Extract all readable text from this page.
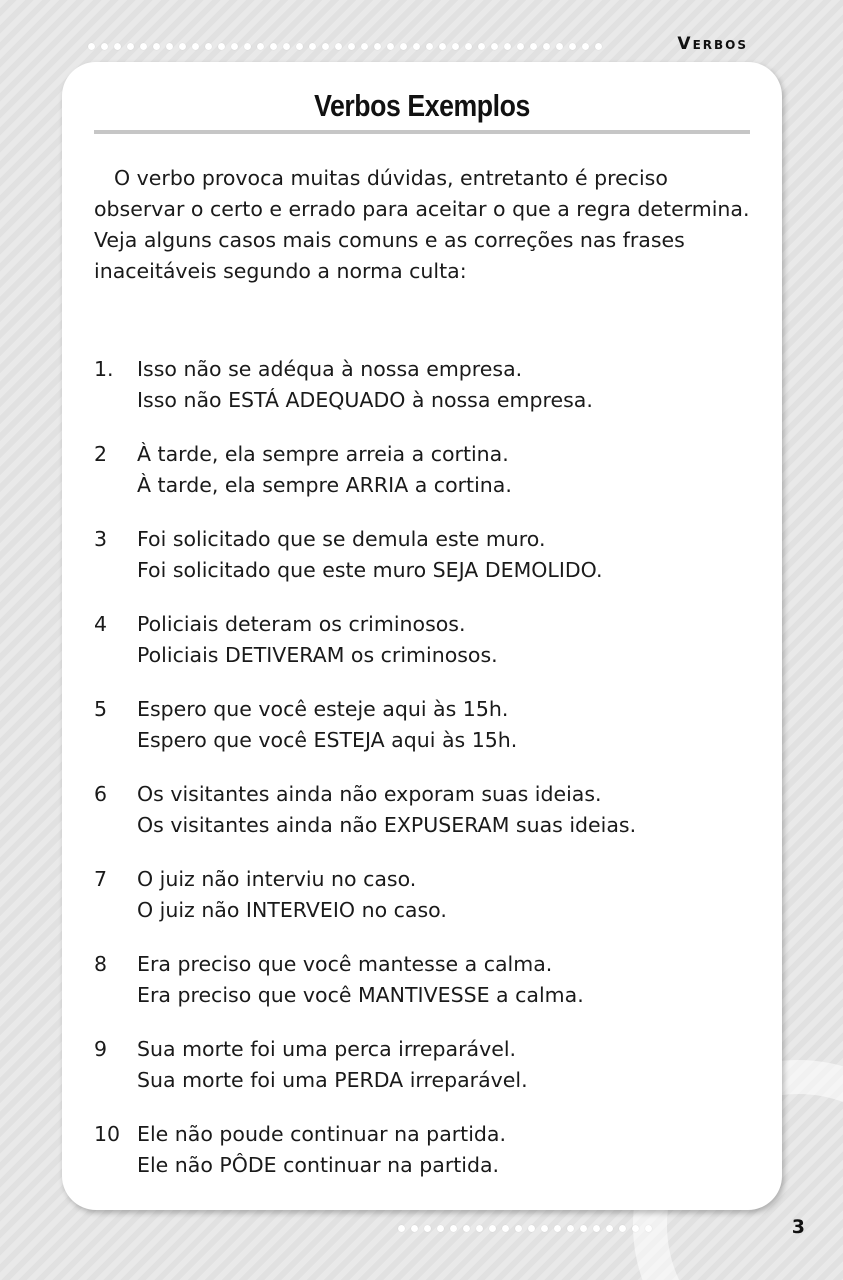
Verbos
Verbos Exemplos

O verbo provoca muitas dúvidas, entretanto é preciso observar o certo e errado para aceitar o que a regra determina. Veja alguns casos mais comuns e as correções nas frases inaceitáveis segundo a norma culta:

1.	Isso não se adéqua à nossa empresa.
Isso não ESTÁ ADEQUADO à nossa empresa.
2	À tarde, ela sempre arreia a cortina.
À tarde, ela sempre ARRIA a cortina.
3	Foi solicitado que se demula este muro.
Foi solicitado que este muro SEJA DEMOLIDO.
4	Policiais deteram os criminosos.
Policiais DETIVERAM os criminosos.
5	Espero que você esteje aqui às 15h.
Espero que você ESTEJA aqui às 15h.
6	Os visitantes ainda não exporam suas ideias.
Os visitantes ainda não EXPUSERAM suas ideias.
7	O juiz não interviu no caso.
O juiz não INTERVEIO no caso.
8	Era preciso que você mantesse a calma.
Era preciso que você MANTIVESSE a calma.
9	Sua morte foi uma perca irreparável.
Sua morte foi uma PERDA irreparável.
10 Ele não poude continuar na partida.
Ele não PÔDE continuar na partida.
3
